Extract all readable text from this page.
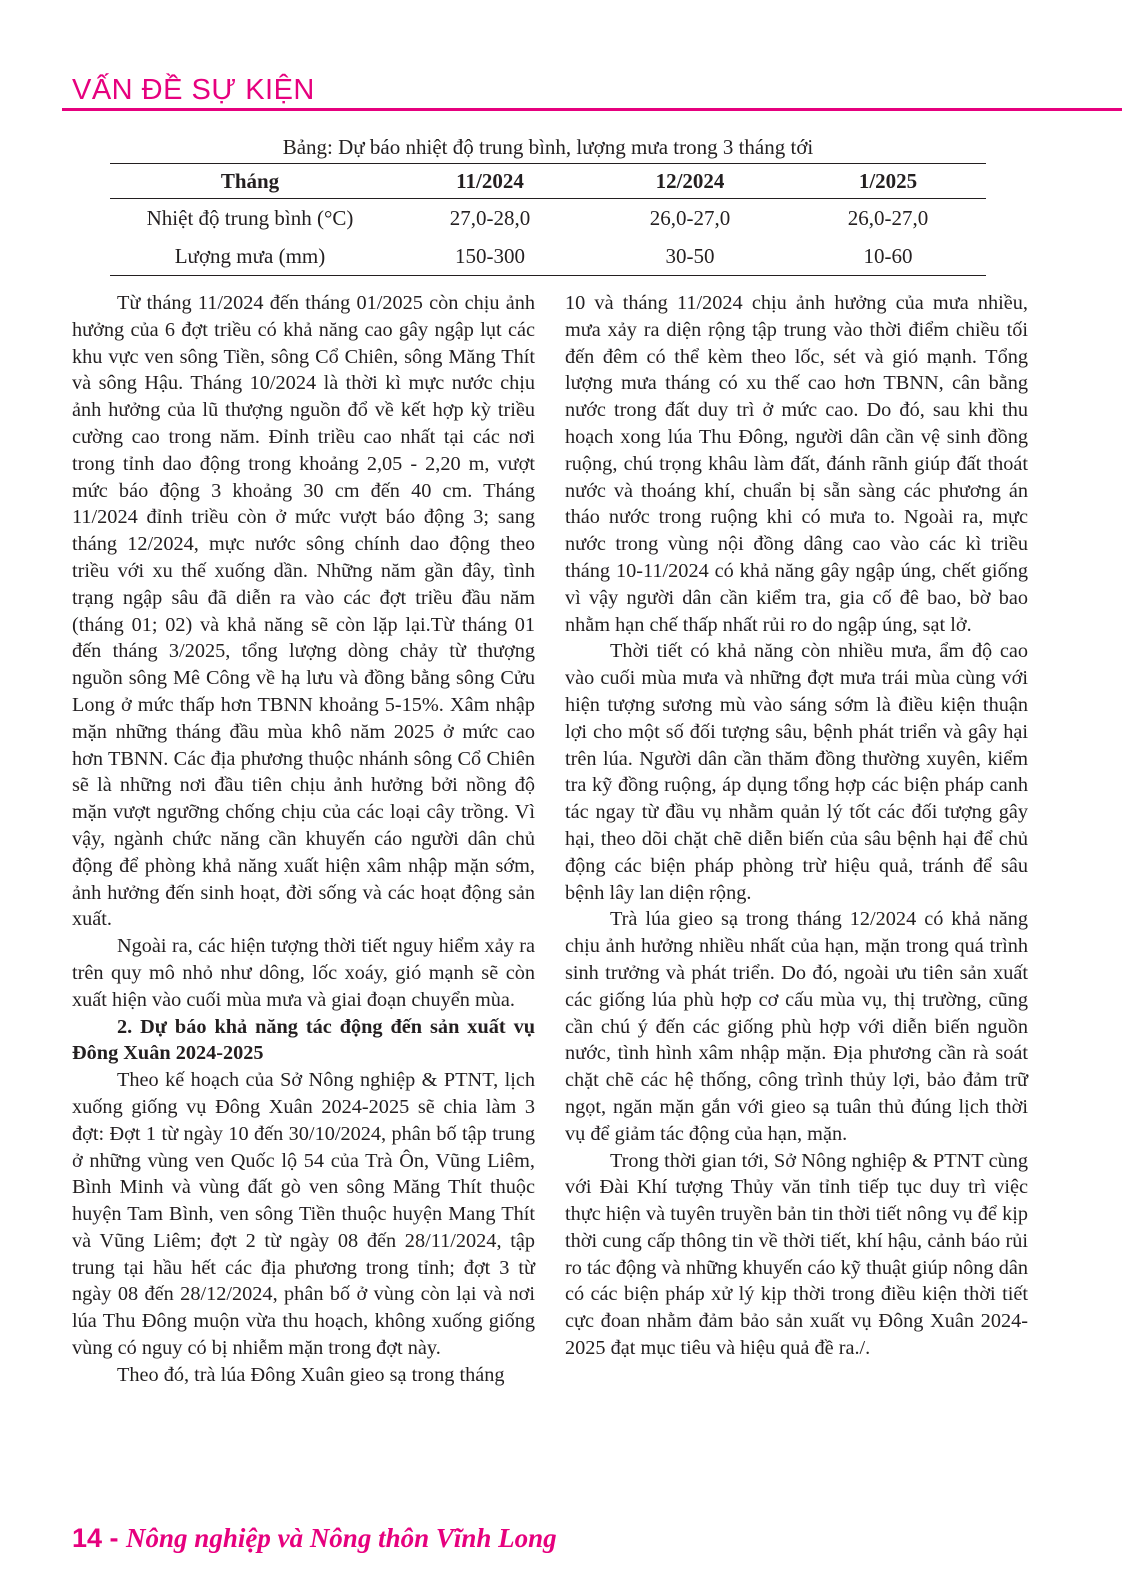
VẤN ĐỀ SỰ KIỆN
Bảng: Dự báo nhiệt độ trung bình, lượng mưa trong 3 tháng tới
Tháng	11/2024	12/2024	1/2025
Nhiệt độ trung bình (°C)	27,0-28,0	26,0-27,0	26,0-27,0
Lượng mưa (mm)	150-300	30-50	10-60

Từ tháng 11/2024 đến tháng 01/2025 còn chịu ảnh hưởng của 6 đợt triều có khả năng cao gây ngập lụt các khu vực ven sông Tiền, sông Cổ Chiên, sông Măng Thít và sông Hậu. Tháng 10/2024 là thời kì mực nước chịu ảnh hưởng của lũ thượng nguồn đổ về kết hợp kỳ triều cường cao trong năm. Đỉnh triều cao nhất tại các nơi trong tỉnh dao động trong khoảng 2,05 - 2,20 m, vượt mức báo động 3 khoảng 30 cm đến 40 cm. Tháng 11/2024 đỉnh triều còn ở mức vượt báo động 3; sang tháng 12/2024, mực nước sông chính dao động theo triều với xu thế xuống dần. Những năm gần đây, tình trạng ngập sâu đã diễn ra vào các đợt triều đầu năm (tháng 01; 02) và khả năng sẽ còn lặp lại.Từ tháng 01 đến tháng 3/2025, tổng lượng dòng chảy từ thượng nguồn sông Mê Công về hạ lưu và đồng bằng sông Cửu Long ở mức thấp hơn TBNN khoảng 5-15%. Xâm nhập mặn những tháng đầu mùa khô năm 2025 ở mức cao hơn TBNN. Các địa phương thuộc nhánh sông Cổ Chiên sẽ là những nơi đầu tiên chịu ảnh hưởng bởi nồng độ mặn vượt ngưỡng chống chịu của các loại cây trồng. Vì vậy, ngành chức năng cần khuyến cáo người dân chủ động để phòng khả năng xuất hiện xâm nhập mặn sớm, ảnh hưởng đến sinh hoạt, đời sống và các hoạt động sản xuất.

Ngoài ra, các hiện tượng thời tiết nguy hiểm xảy ra trên quy mô nhỏ như dông, lốc xoáy, gió mạnh sẽ còn xuất hiện vào cuối mùa mưa và giai đoạn chuyển mùa.

2. Dự báo khả năng tác động đến sản xuất vụ Đông Xuân 2024-2025

Theo kế hoạch của Sở Nông nghiệp & PTNT, lịch xuống giống vụ Đông Xuân 2024-2025 sẽ chia làm 3 đợt: Đợt 1 từ ngày 10 đến 30/10/2024, phân bố tập trung ở những vùng ven Quốc lộ 54 của Trà Ôn, Vũng Liêm, Bình Minh và vùng đất gò ven sông Măng Thít thuộc huyện Tam Bình, ven sông Tiền thuộc huyện Mang Thít và Vũng Liêm; đợt 2 từ ngày 08 đến 28/11/2024, tập trung tại hầu hết các địa phương trong tỉnh; đợt 3 từ ngày 08 đến 28/12/2024, phân bố ở vùng còn lại và nơi lúa Thu Đông muộn vừa thu hoạch, không xuống giống vùng có nguy có bị nhiễm mặn trong đợt này.

Theo đó, trà lúa Đông Xuân gieo sạ trong tháng

10 và tháng 11/2024 chịu ảnh hưởng của mưa nhiều, mưa xảy ra diện rộng tập trung vào thời điểm chiều tối đến đêm có thể kèm theo lốc, sét và gió mạnh. Tổng lượng mưa tháng có xu thế cao hơn TBNN, cân bằng nước trong đất duy trì ở mức cao. Do đó, sau khi thu hoạch xong lúa Thu Đông, người dân cần vệ sinh đồng ruộng, chú trọng khâu làm đất, đánh rãnh giúp đất thoát nước và thoáng khí, chuẩn bị sẵn sàng các phương án tháo nước trong ruộng khi có mưa to. Ngoài ra, mực nước trong vùng nội đồng dâng cao vào các kì triều tháng 10-11/2024 có khả năng gây ngập úng, chết giống vì vậy người dân cần kiểm tra, gia cố đê bao, bờ bao nhằm hạn chế thấp nhất rủi ro do ngập úng, sạt lở.

Thời tiết có khả năng còn nhiều mưa, ẩm độ cao vào cuối mùa mưa và những đợt mưa trái mùa cùng với hiện tượng sương mù vào sáng sớm là điều kiện thuận lợi cho một số đối tượng sâu, bệnh phát triển và gây hại trên lúa. Người dân cần thăm đồng thường xuyên, kiểm tra kỹ đồng ruộng, áp dụng tổng hợp các biện pháp canh tác ngay từ đầu vụ nhằm quản lý tốt các đối tượng gây hại, theo dõi chặt chẽ diễn biến của sâu bệnh hại để chủ động các biện pháp phòng trừ hiệu quả, tránh để sâu bệnh lây lan diện rộng.

Trà lúa gieo sạ trong tháng 12/2024 có khả năng chịu ảnh hưởng nhiều nhất của hạn, mặn trong quá trình sinh trưởng và phát triển. Do đó, ngoài ưu tiên sản xuất các giống lúa phù hợp cơ cấu mùa vụ, thị trường, cũng cần chú ý đến các giống phù hợp với diễn biến nguồn nước, tình hình xâm nhập mặn. Địa phương cần rà soát chặt chẽ các hệ thống, công trình thủy lợi, bảo đảm trữ ngọt, ngăn mặn gắn với gieo sạ tuân thủ đúng lịch thời vụ để giảm tác động của hạn, mặn.

Trong thời gian tới, Sở Nông nghiệp & PTNT cùng với Đài Khí tượng Thủy văn tỉnh tiếp tục duy trì việc thực hiện và tuyên truyền bản tin thời tiết nông vụ để kịp thời cung cấp thông tin về thời tiết, khí hậu, cảnh báo rủi ro tác động và những khuyến cáo kỹ thuật giúp nông dân có các biện pháp xử lý kịp thời trong điều kiện thời tiết cực đoan nhằm đảm bảo sản xuất vụ Đông Xuân 2024-2025 đạt mục tiêu và hiệu quả đề ra./.

14 - Nông nghiệp và Nông thôn Vĩnh Long
